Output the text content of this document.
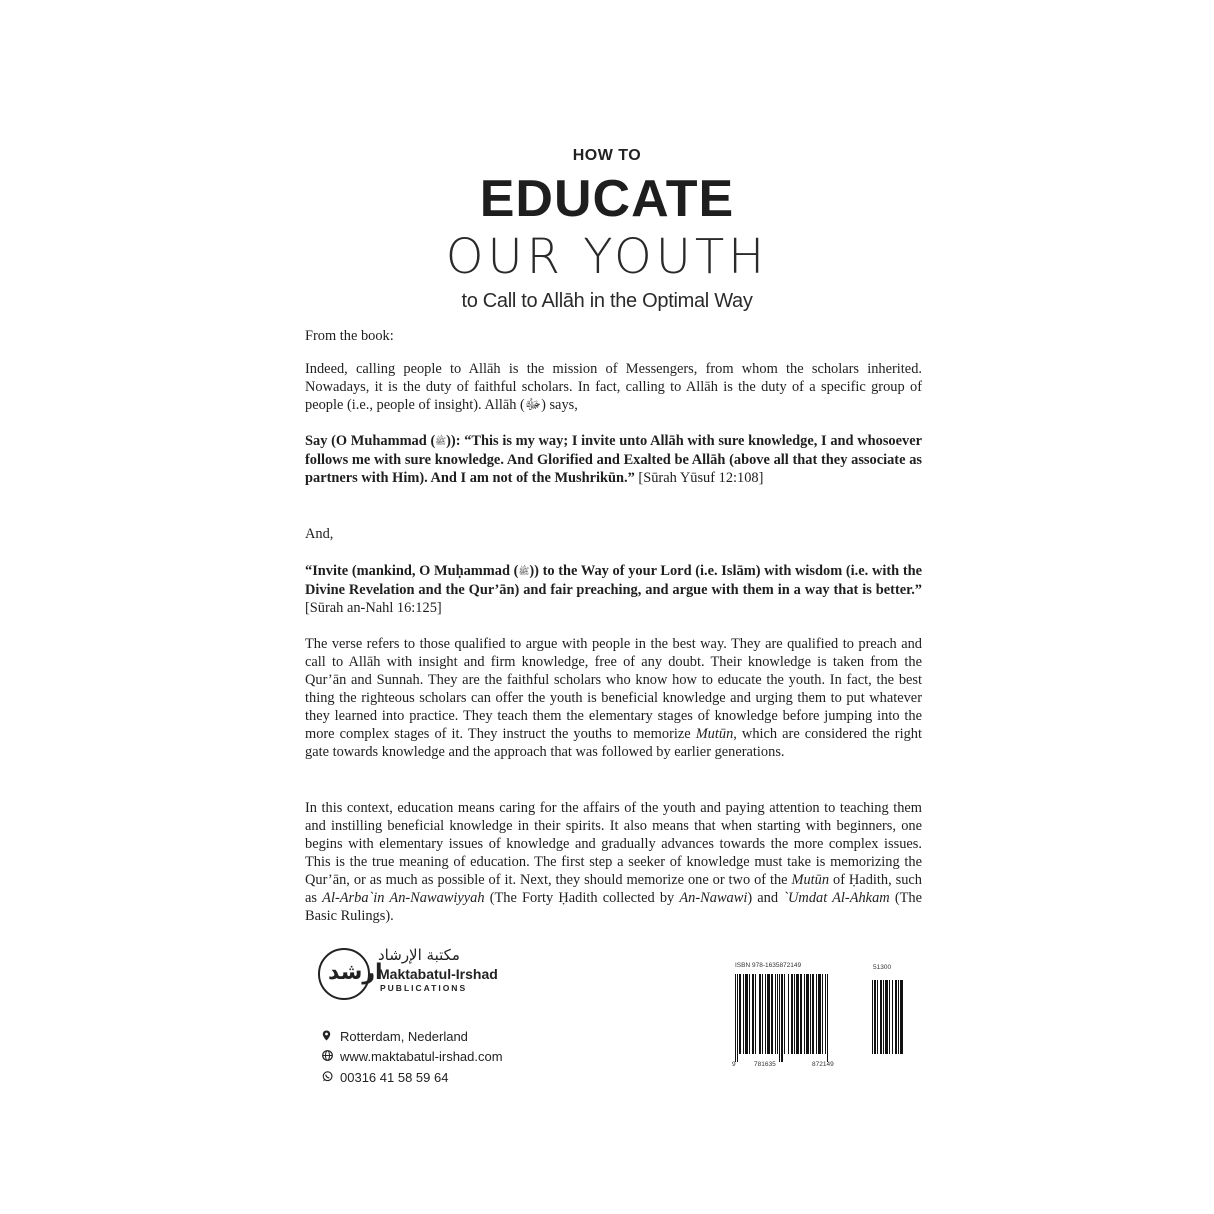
HOW TO
EDUCATE
OUR YOUTH
to Call to Allāh in the Optimal Way

From the book:

Indeed, calling people to Allāh is the mission of Messengers, from whom the scholars inherited. Nowadays, it is the duty of faithful scholars. In fact, calling to Allāh is the duty of a specific group of people (i.e., people of insight). Allāh (ﷻ) says,

Say (O Muhammad (ﷺ)): “This is my way; I invite unto Allāh with sure knowledge, I and whosoever follows me with sure knowledge. And Glorified and Exalted be Allāh (above all that they associate as partners with Him). And I am not of the Mushrikūn.” [Sūrah Yūsuf 12:108]

And,

“Invite (mankind, O Muḥammad (ﷺ)) to the Way of your Lord (i.e. Islām) with wisdom (i.e. with the Divine Revelation and the Qur’ān) and fair preaching, and argue with them in a way that is better.” [Sūrah an-Nahl 16:125]

The verse refers to those qualified to argue with people in the best way. They are qualified to preach and call to Allāh with insight and firm knowledge, free of any doubt. Their knowledge is taken from the Qur’ān and Sunnah. They are the faithful scholars who know how to educate the youth. In fact, the best thing the righteous scholars can offer the youth is beneficial knowledge and urging them to put whatever they learned into practice. They teach them the elementary stages of knowledge before jumping into the more complex stages of it. They instruct the youths to memorize Mutūn, which are considered the right gate towards knowledge and the approach that was followed by earlier generations.

In this context, education means caring for the affairs of the youth and paying attention to teaching them and instilling beneficial knowledge in their spirits. It also means that when starting with beginners, one begins with elementary issues of knowledge and gradually advances towards the more complex issues. This is the true meaning of education. The first step a seeker of knowledge must take is memorizing the Qur’ān, or as much as possible of it. Next, they should memorize one or two of the Mutūn of Ḥadith, such as Al-Arba`in An-Nawawiyyah (The Forty Ḥadith collected by An-Nawawi) and `Umdat Al-Ahkam (The Basic Rulings).

ارشد
مكتبة الإرشاد
Maktabatul-Irshad
PUBLICATIONS
Rotterdam, Nederland
www.maktabatul-irshad.com
00316 41 58 59 64
ISBN 978-1635872149	51300
9	781635	872149
